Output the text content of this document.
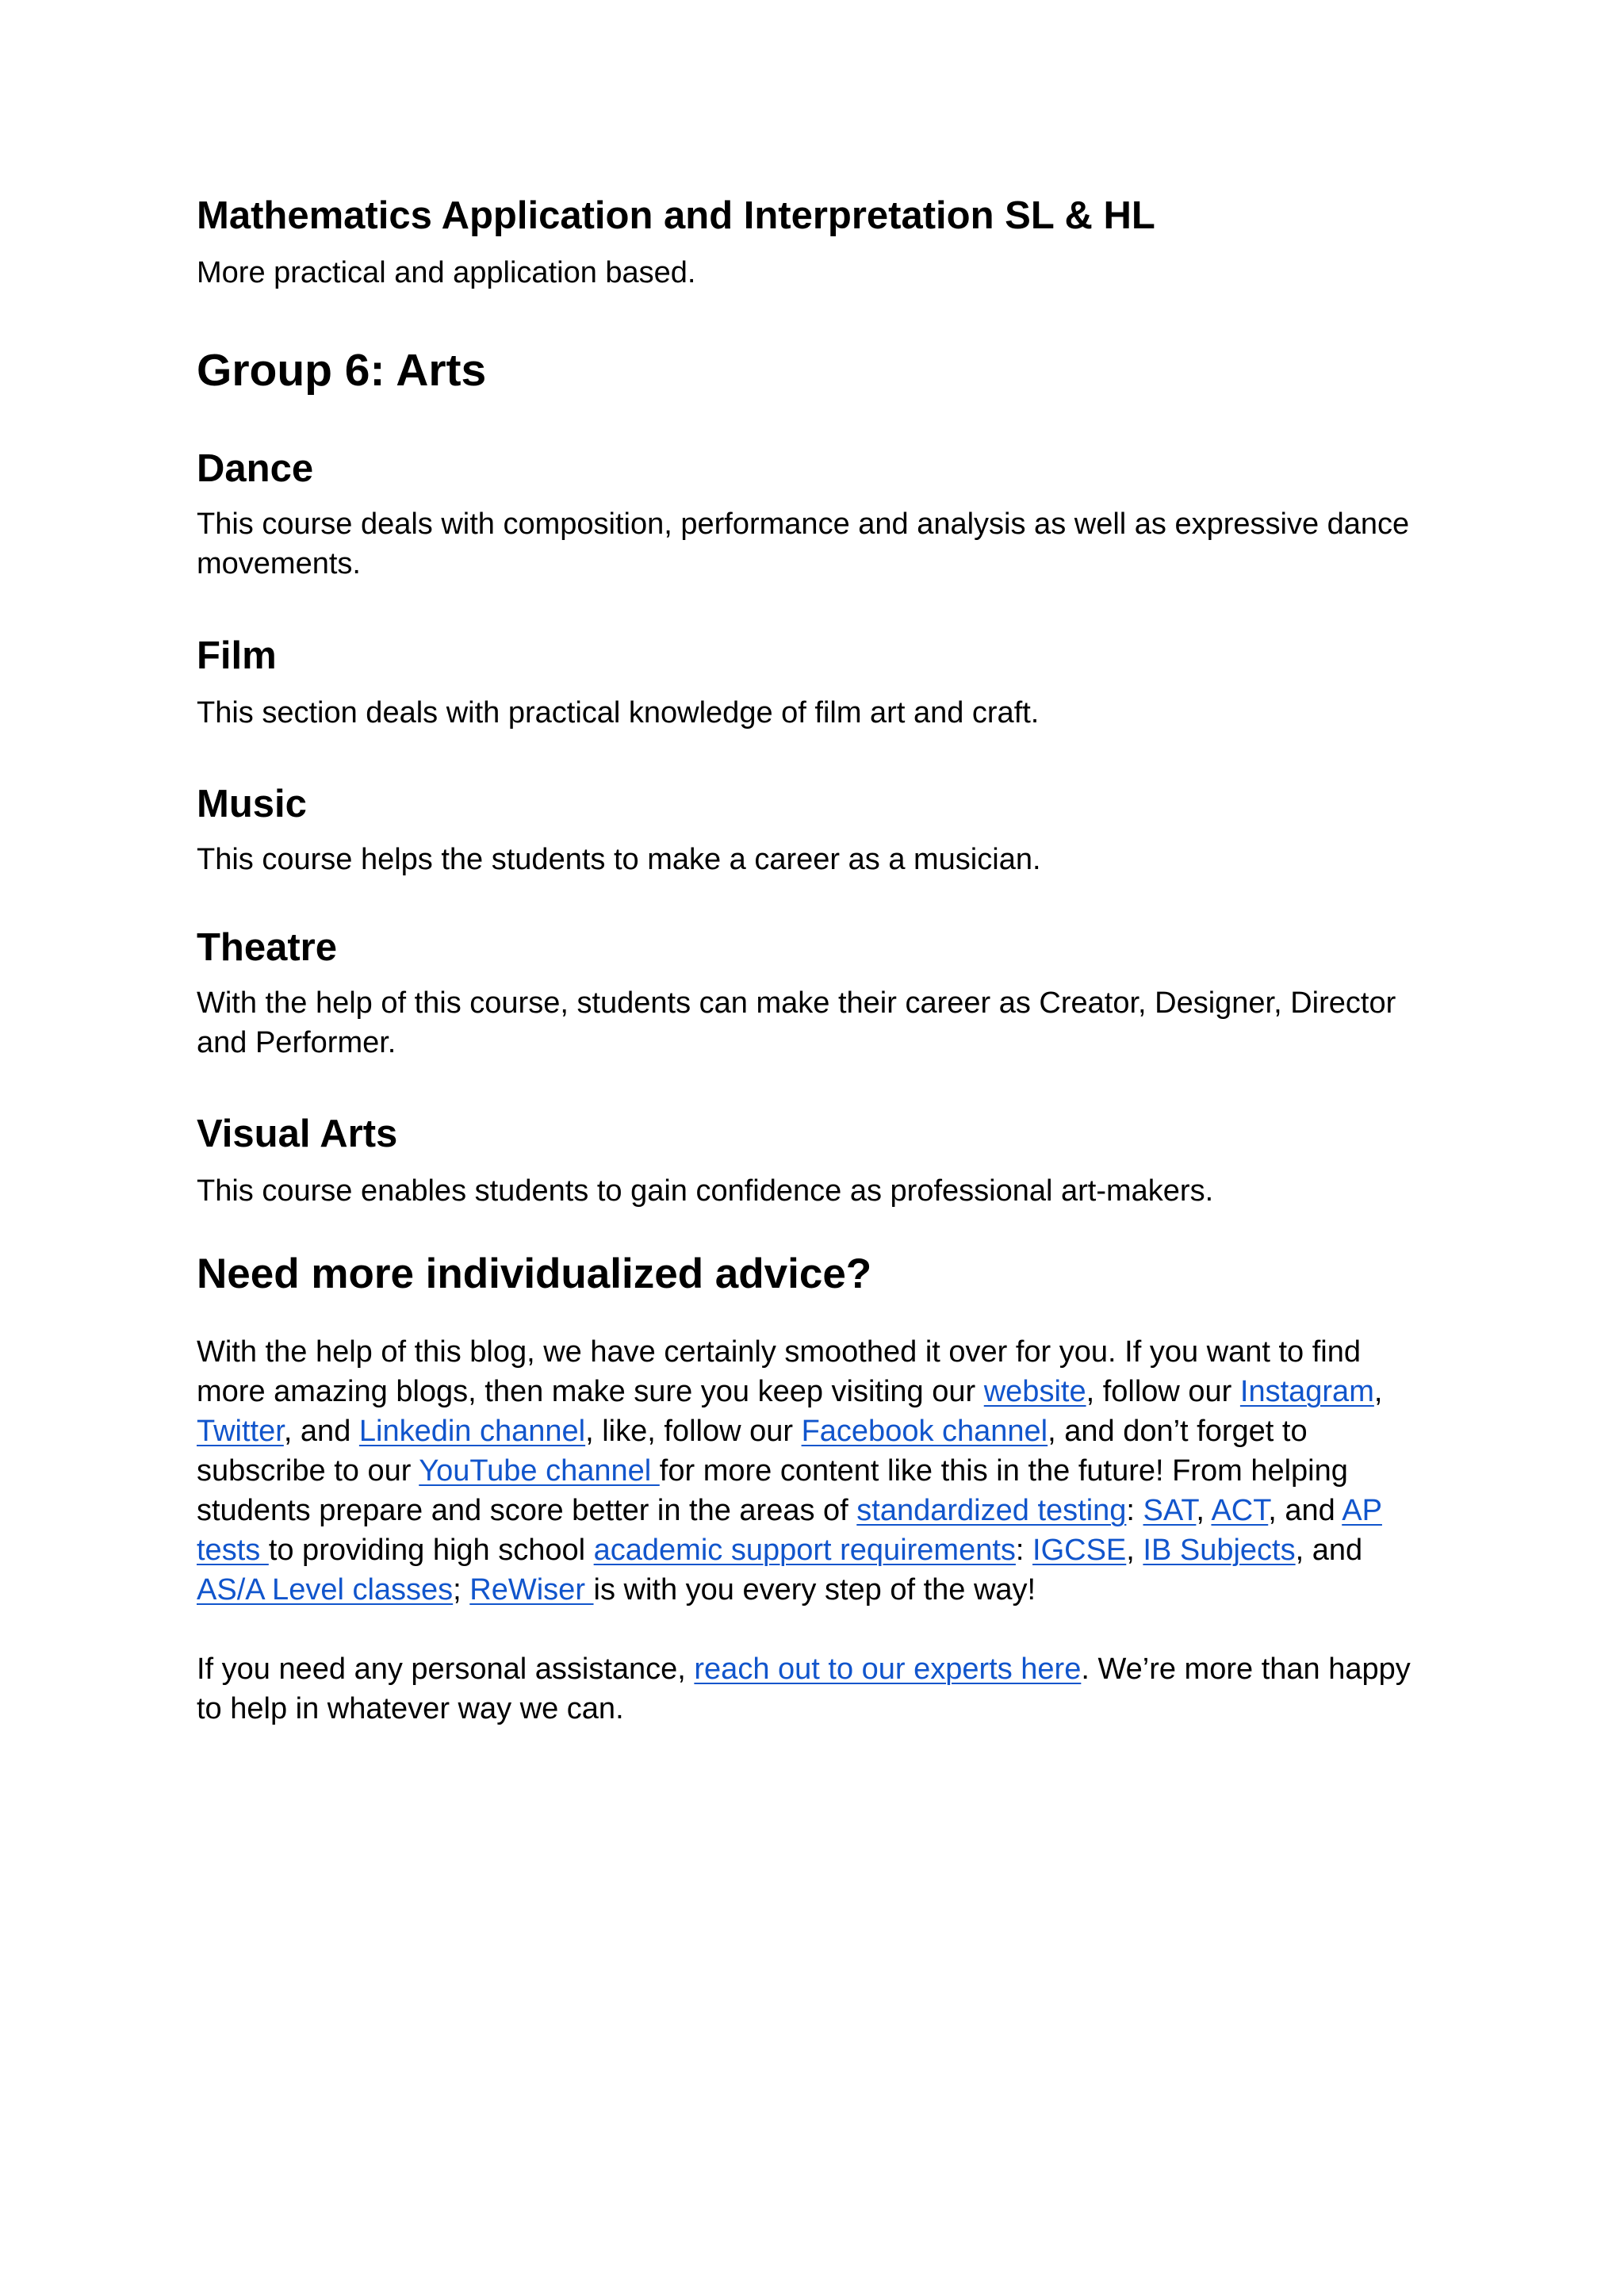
Mathematics Application and Interpretation SL & HL

More practical and application based.

Group 6: Arts
Dance

This course deals with composition, performance and analysis as well as expressive dance movements.

Film

This section deals with practical knowledge of film art and craft.

Music

This course helps the students to make a career as a musician.

Theatre

With the help of this course, students can make their career as Creator, Designer, Director and Performer.

Visual Arts

This course enables students to gain confidence as professional art-makers.

Need more individualized advice?

With the help of this blog, we have certainly smoothed it over for you. If you want to find more amazing blogs, then make sure you keep visiting our website, follow our Instagram, Twitter, and Linkedin channel, like, follow our Facebook channel, and don’t forget to subscribe to our YouTube channel for more content like this in the future! From helping students prepare and score better in the areas of standardized testing: SAT, ACT, and AP tests to providing high school academic support requirements: IGCSE, IB Subjects, and AS/A Level classes; ReWiser is with you every step of the way!

If you need any personal assistance, reach out to our experts here. We’re more than happy to help in whatever way we can.
